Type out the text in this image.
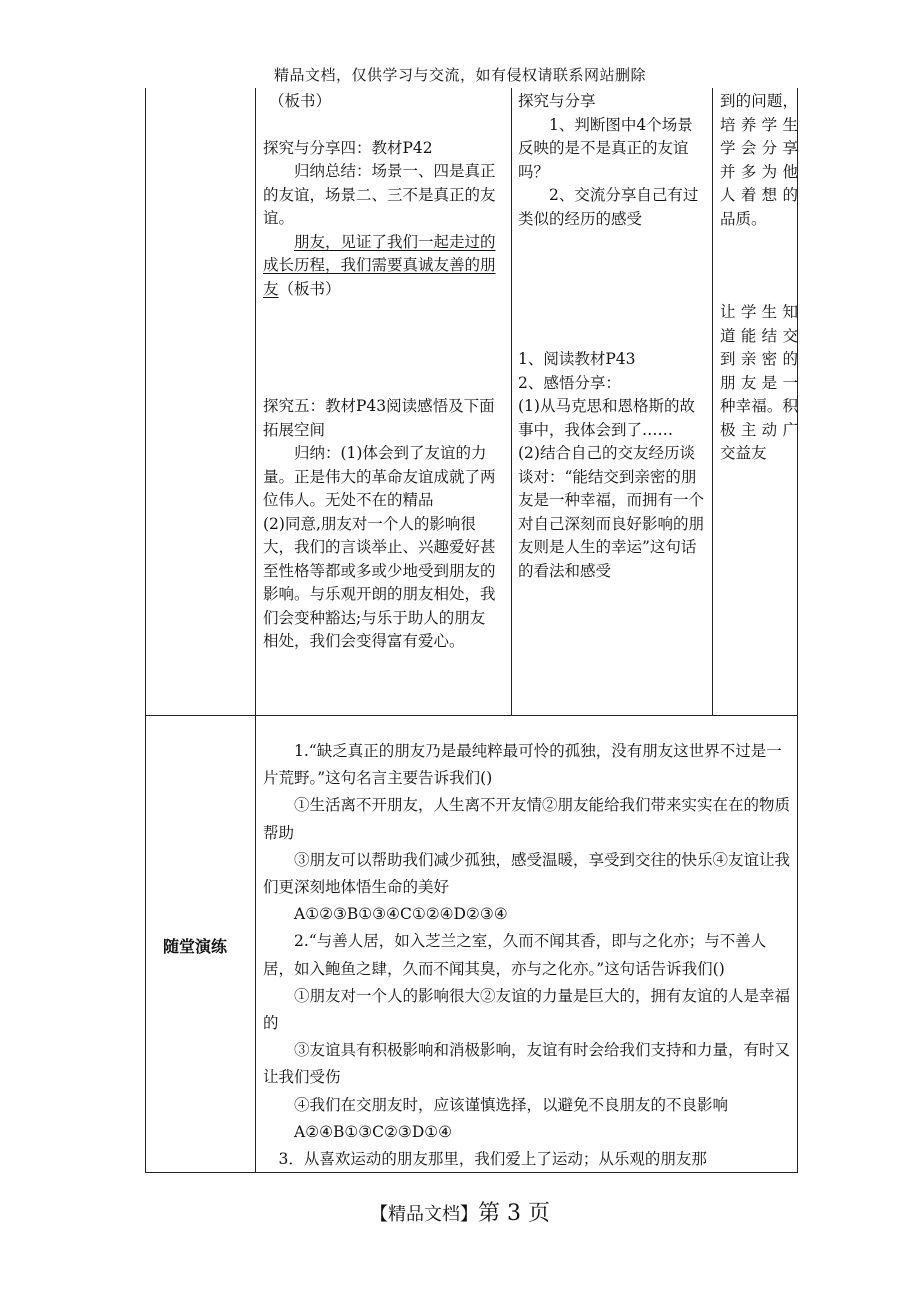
精品文档，仅供学习与交流，如有侵权请联系网站删除

（板书）

探究与分享四：教材P42

归纳总结：场景一、四是真正的友谊，场景二、三不是真正的友谊。

朋友，见证了我们一起走过的成长历程，我们需要真诚友善的朋友（板书）

探究五：教材P43阅读感悟及下面拓展空间

归纳：(1)体会到了友谊的力量。正是伟大的革命友谊成就了两位伟人。无处不在的精品

(2)同意,朋友对一个人的影响很大，我们的言谈举止、兴趣爱好甚至性格等都或多或少地受到朋友的影响。与乐观开朗的朋友相处，我们会变种豁达;与乐于助人的朋友相处，我们会变得富有爱心。

探究与分享

1、判断图中4个场景反映的是不是真正的友谊吗？

2、交流分享自己有过类似的经历的感受

1、阅读教材P43

2、感悟分享：

(1)从马克思和恩格斯的故事中，我体会到了……

(2)结合自己的交友经历谈谈对：“能结交到亲密的朋友是一种幸福，而拥有一个对自己深刻而良好影响的朋友则是人生的幸运”这句话的看法和感受

到的问题，

培养学生

学会分享

并多为他

人着想的

品质。

让学生知

道能结交

到亲密的

朋友是一

种幸福。积

极主动广

交益友

随堂演练

1.“缺乏真正的朋友乃是最纯粹最可怜的孤独，没有朋友这世界不过是一片荒野。”这句名言主要告诉我们()

①生活离不开朋友，人生离不开友情②朋友能给我们带来实实在在的物质帮助

③朋友可以帮助我们减少孤独，感受温暖，享受到交往的快乐④友谊让我们更深刻地体悟生命的美好

A①②③B①③④C①②④D②③④

2.“与善人居，如入芝兰之室，久而不闻其香，即与之化亦；与不善人居，如入鲍鱼之肆，久而不闻其臭，亦与之化亦。”这句话告诉我们()

①朋友对一个人的影响很大②友谊的力量是巨大的，拥有友谊的人是幸福的

③友谊具有积极影响和消极影响，友谊有时会给我们支持和力量，有时又让我们受伤

④我们在交朋友时，应该谨慎选择，以避免不良朋友的不良影响

A②④B①③C②③D①④

3．从喜欢运动的朋友那里，我们爱上了运动；从乐观的朋友那

【精品文档】第 3 页
